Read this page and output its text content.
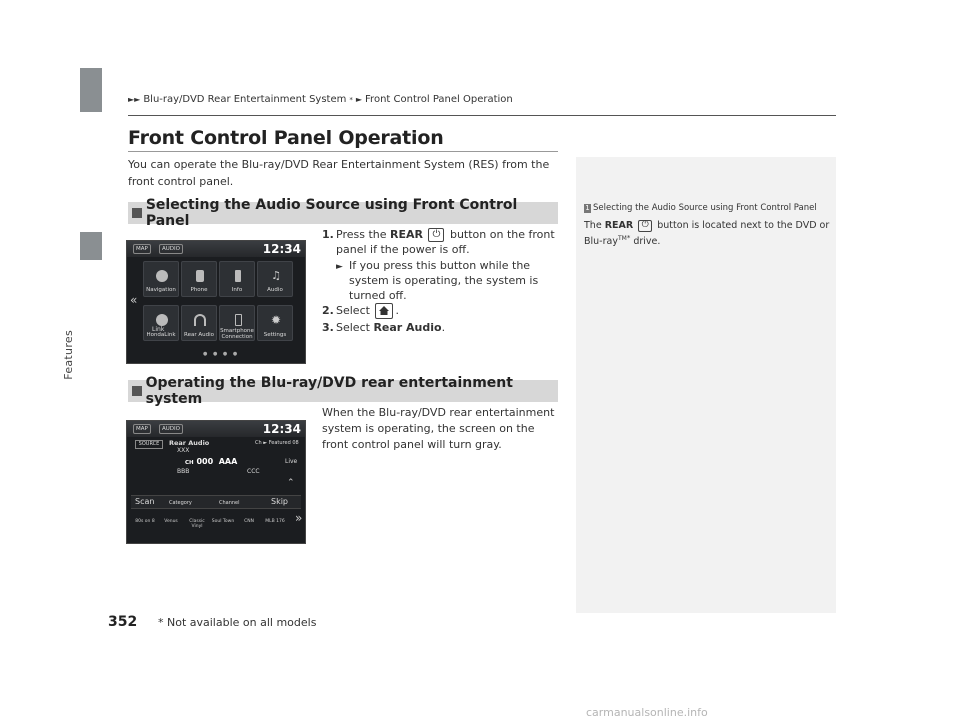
Features
►► Blu-ray/DVD Rear Entertainment System * ► Front Control Panel Operation
Front Control Panel Operation
You can operate the Blu-ray/DVD Rear Entertainment System (RES) from the front control panel.
1 Selecting the Audio Source using Front Control Panel
The REAR ⏻ button is located next to the DVD or
Blu-ray$^{TM*}$ drive.
Selecting the Audio Source using Front Control Panel
MAP	AUDIO	12:34
«
♫
Navigation	Phone	Info	Audio
Link
✹
HondaLink	Rear Audio
Smartphone Connection	Settings
● ● ● ●
1. Press the REAR ⏻ button on the front panel if the power is off.
► If you press this button while the system is operating, the system is turned off.
2. Select .
3. Select Rear Audio.
Operating the Blu-ray/DVD rear entertainment system
MAP	AUDIO	12:34
SOURCE	Rear Audio
XXX
Ch ► Featured 08
CH 000 AAA	Live
BBB	CCC
⌃
Scan	Category	Channel	Skip
»
80s on 8	Venus	Classic Vinyl
Soul Town	CNN	MLB 176
When the Blu-ray/DVD rear entertainment system is operating, the screen on the front control panel will turn gray.
352 * Not available on all models
carmanualsonline.info
